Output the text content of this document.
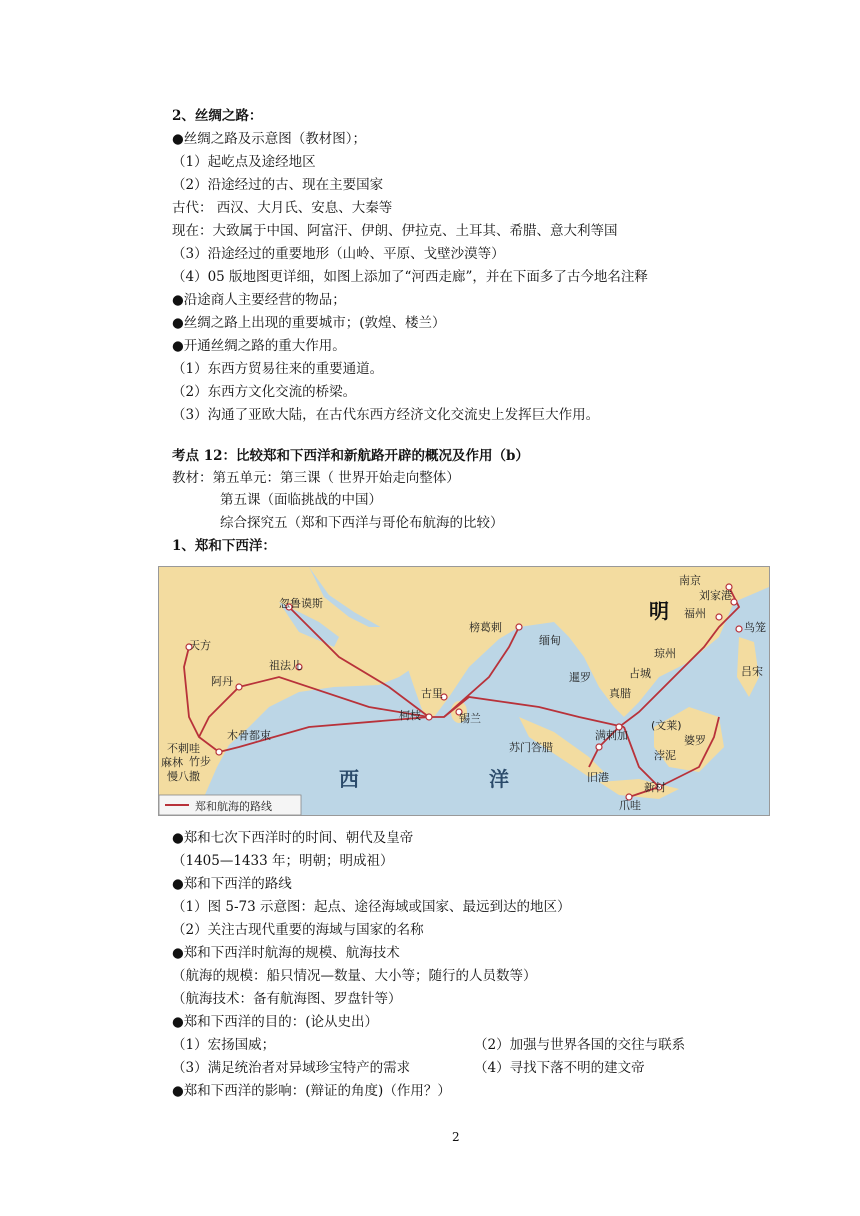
2、丝绸之路：
●丝绸之路及示意图（教材图）；
（1）起屹点及途经地区
（2）沿途经过的古、现在主要国家
古代： 西汉、大月氏、安息、大秦等
现在：大致属于中国、阿富汗、伊朗、伊拉克、土耳其、希腊、意大利等国
（3）沿途经过的重要地形（山岭、平原、戈壁沙漠等）
（4）05 版地图更详细，如图上添加了“河西走廊”，并在下面多了古今地名注释
●沿途商人主要经营的物品；
●丝绸之路上出现的重要城市；(敦煌、楼兰）
●开通丝绸之路的重大作用。
（1）东西方贸易往来的重要通道。
（2）东西方文化交流的桥梁。
（3）沟通了亚欧大陆，在古代东西方经济文化交流史上发挥巨大作用。
考点 12：比较郑和下西洋和新航路开辟的概况及作用（b）
教材：第五单元：第三课（ 世界开始走向整体）
第五课（面临挑战的中国）
综合探究五（郑和下西洋与哥伦布航海的比较）
1、郑和下西洋：
郑和航海的路线
西	洋
明
南京
刘家港
福州
鸟笼
琼州
吕宋
忽鲁谟斯
榜葛剌
缅甸
暹罗	占城
真腊
天方
祖法儿
阿丹
古里
柯枝	锡兰
苏门答腊
满剌加
(文莱)
婆罗
浡泥
旧港
新村
爪哇
木骨都束
不剌哇
麻林 竹步
慢八撒
●郑和七次下西洋时的时间、朝代及皇帝
（1405—1433 年；明朝；明成祖）
●郑和下西洋的路线
（1）图 5-73 示意图：起点、途径海域或国家、最远到达的地区）
（2）关注古现代重要的海域与国家的名称
●郑和下西洋时航海的规模、航海技术
（航海的规模：船只情况—数量、大小等；随行的人员数等）
（航海技术：备有航海图、罗盘针等）
●郑和下西洋的目的：(论从史出）
（1）宏扬国威；	（2）加强与世界各国的交往与联系
（3）满足统治者对异域珍宝特产的需求	（4）寻找下落不明的建文帝
●郑和下西洋的影响：(辩证的角度)（作用？）
2
